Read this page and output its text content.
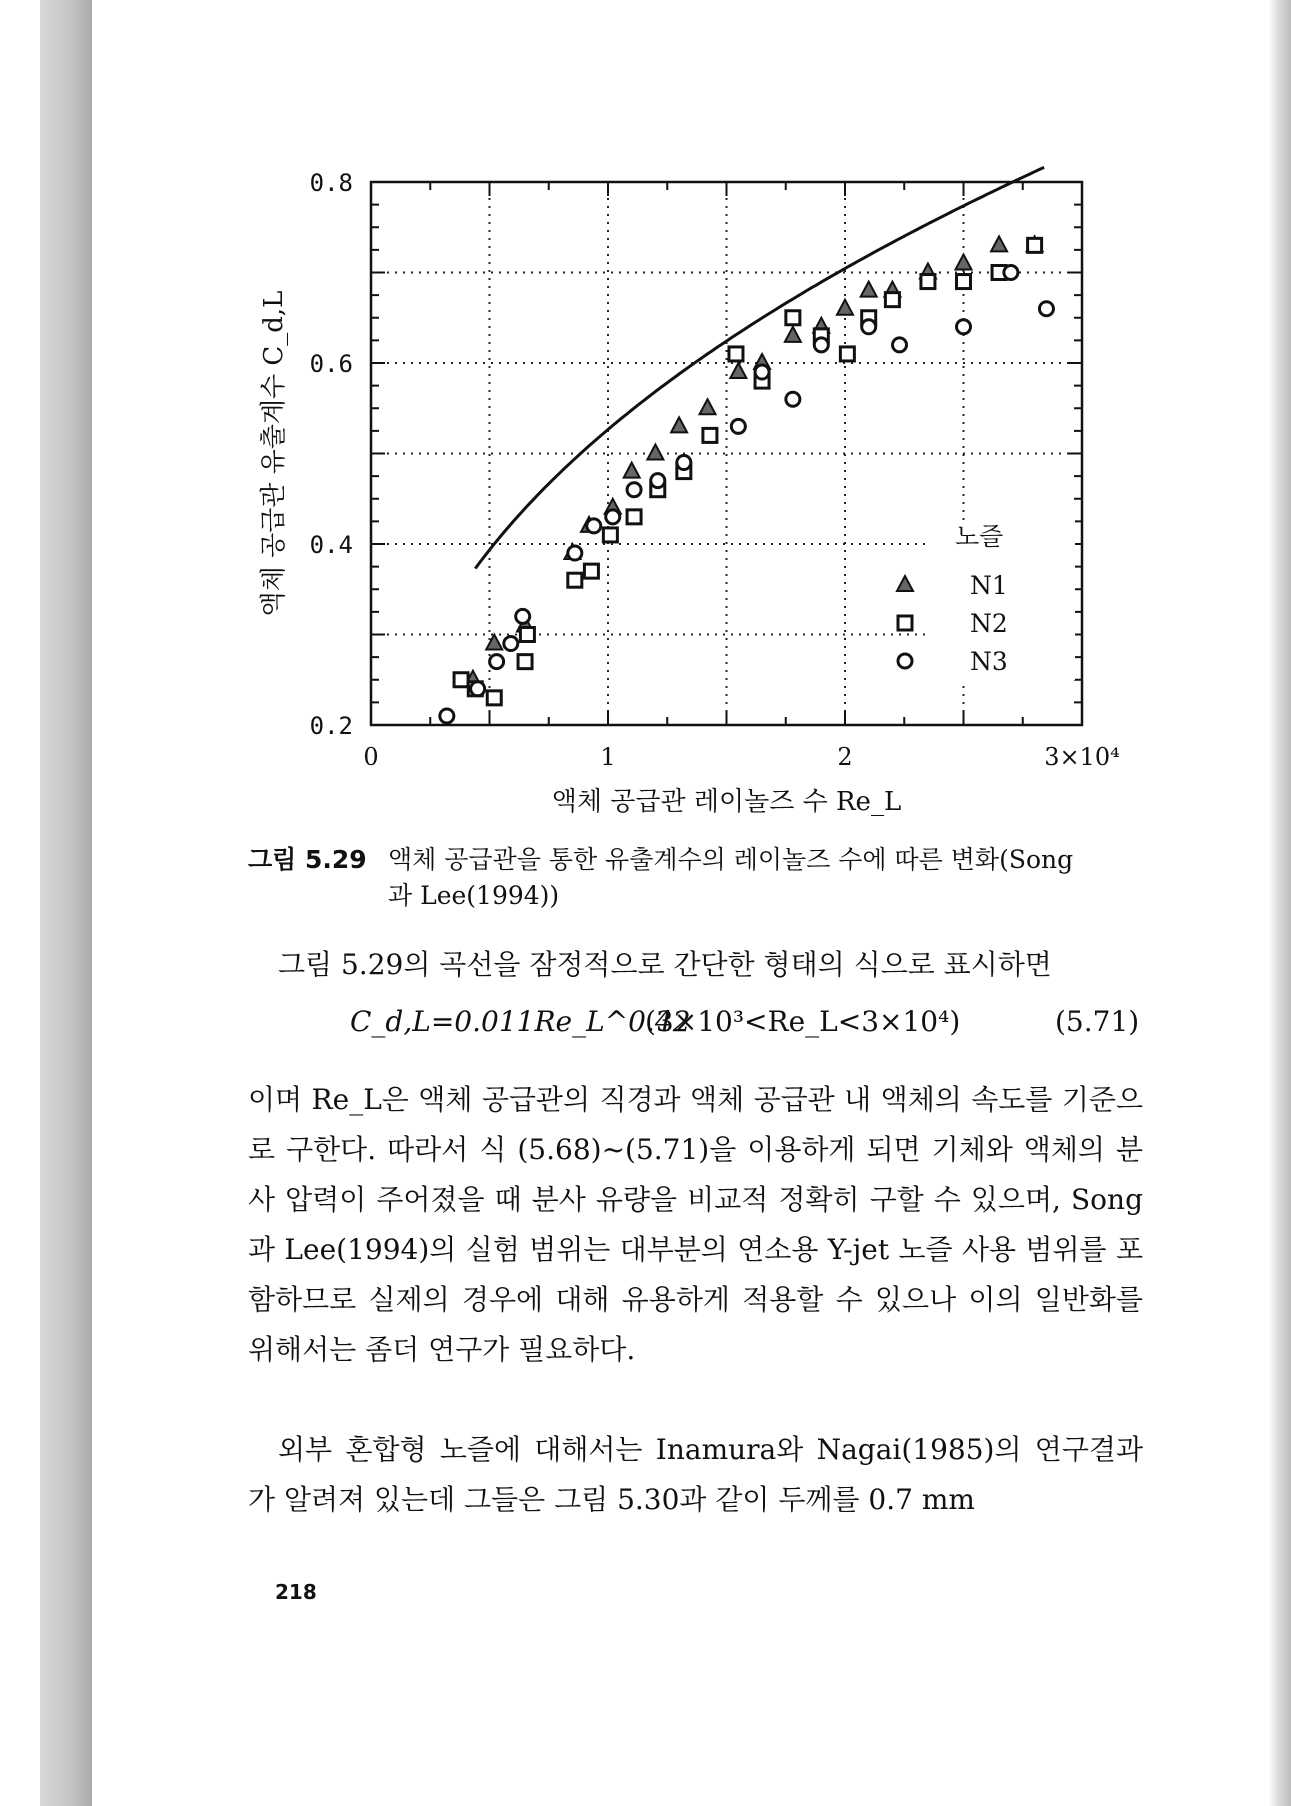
0	1	2	3×10⁴
0.2
0.4
0.6
0.8
액체 공급관 레이놀즈 수 Re_L
액체 공급관 유출계수 C_d,L	노즐
N1
N2
N3
그림 5.29 액체 공급관을 통한 유출계수의 레이놀즈 수에 따른 변화(Song
과 Lee(1994))
그림 5.29의 곡선을 잠정적으로 간단한 형태의 식으로 표시하면
C_d,L=0.011Re_L^0.42
(3×10³<Re_L<3×10⁴)	(5.71)
이며 Re_L은 액체 공급관의 직경과 액체 공급관 내 액체의 속도를 기준으로 구한다. 따라서 식 (5.68)~(5.71)을 이용하게 되면 기체와 액체의 분사 압력이 주어졌을 때 분사 유량을 비교적 정확히 구할 수 있으며, Song과 Lee(1994)의 실험 범위는 대부분의 연소용 Y-jet 노즐 사용 범위를 포함하므로 실제의 경우에 대해 유용하게 적용할 수 있으나 이의 일반화를 위해서는 좀더 연구가 필요하다.
외부 혼합형 노즐에 대해서는 Inamura와 Nagai(1985)의 연구결과가 알려져 있는데 그들은 그림 5.30과 같이 두께를 0.7 mm
218
